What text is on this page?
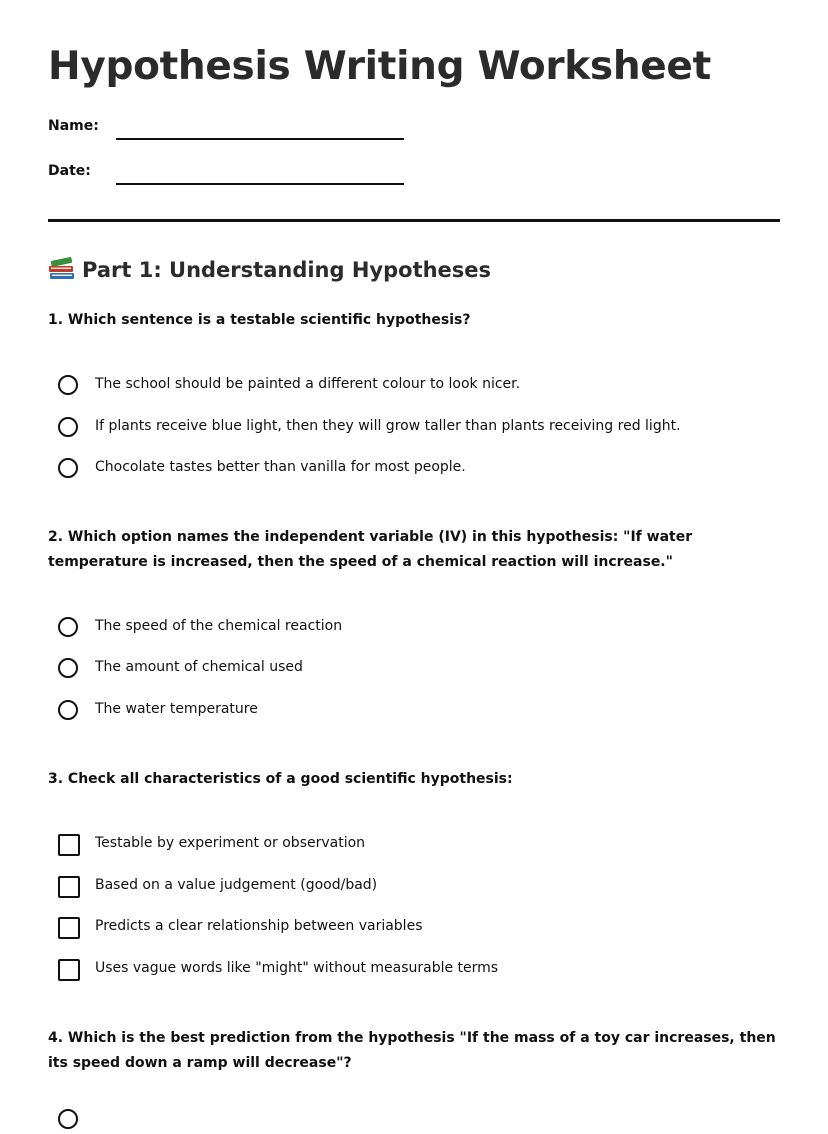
Hypothesis Writing Worksheet
Name:
Date:
Part 1: Understanding Hypotheses

1. Which sentence is a testable scientific hypothesis?

The school should be painted a different colour to look nicer.
If plants receive blue light, then they will grow taller than plants receiving red light.
Chocolate tastes better than vanilla for most people.

2. Which option names the independent variable (IV) in this hypothesis: "If water temperature is increased, then the speed of a chemical reaction will increase."

The speed of the chemical reaction
The amount of chemical used
The water temperature

3. Check all characteristics of a good scientific hypothesis:

Testable by experiment or observation
Based on a value judgement (good/bad)
Predicts a clear relationship between variables
Uses vague words like "might" without measurable terms

4. Which is the best prediction from the hypothesis "If the mass of a toy car increases, then its speed down a ramp will decrease"?
